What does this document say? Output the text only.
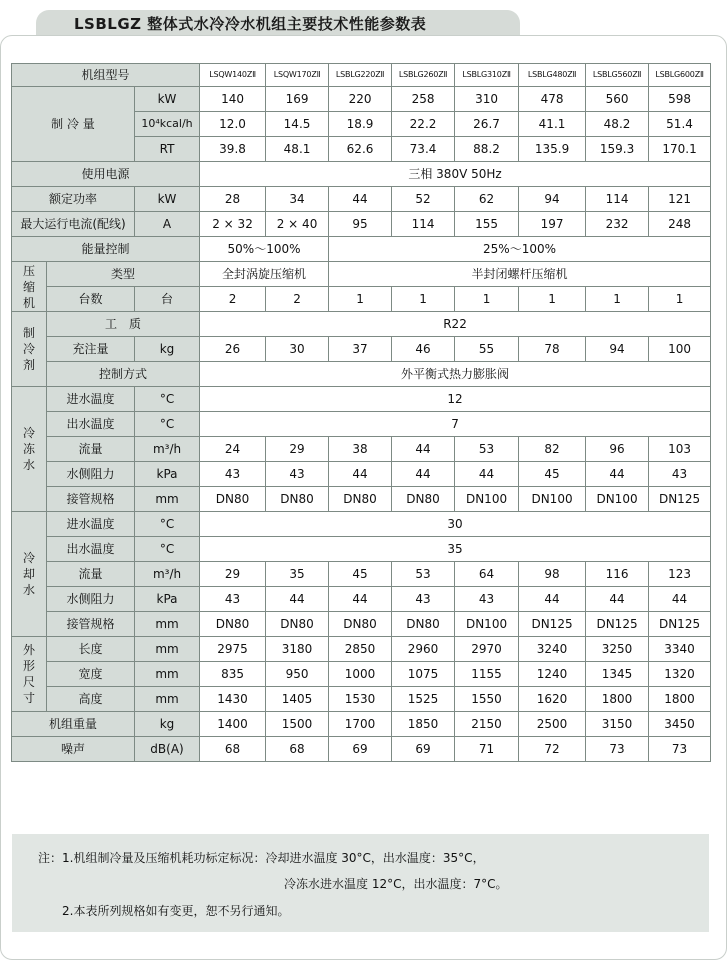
LSBLGZ 整体式水冷冷水机组主要技术性能参数表
机组型号			LSQW140ZⅡ	LSQW170ZⅡ	LSBLG220ZⅡ	LSBLG260ZⅡ	LSBLG310ZⅡ	LSBLG480ZⅡ	LSBLG560ZⅡ	LSBLG600ZⅡ
制 冷 量		kW	140	169	220	258	310	478	560	598
		10⁴kcal/h	12.0	14.5	18.9	22.2	26.7	41.1	48.2	51.4
		RT	39.8	48.1	62.6	73.4	88.2	135.9	159.3	170.1
使用电源			三相 380V 50Hz							
额定功率		kW	28	34	44	52	62	94	114	121
最大运行电流(配线)		A	2 × 32	2 × 40	95	114	155	197	232	248
能量控制			50%～100%		25%～100%					

压缩机	类型		全封涡旋压缩机		半封闭螺杆压缩机					
	台数	台	2	2	1	1	1	1	1	1

制冷剂	工　质		R22							
	充注量	kg	26	30	37	46	55	78	94	100
	控制方式		外平衡式热力膨胀阀							

冷冻水	进水温度	°C	12							
	出水温度	°C	7							
	流量	m³/h	24	29	38	44	53	82	96	103
	水侧阻力	kPa	43	43	44	44	44	45	44	43
	接管规格	mm	DN80	DN80	DN80	DN80	DN100	DN100	DN100	DN125

冷却水	进水温度	°C	30							
	出水温度	°C	35							
	流量	m³/h	29	35	45	53	64	98	116	123
	水侧阻力	kPa	43	44	44	43	43	44	44	44
	接管规格	mm	DN80	DN80	DN80	DN80	DN100	DN125	DN125	DN125

外形尺寸	长度	mm	2975	3180	2850	2960	2970	3240	3250	3340
	宽度	mm	835	950	1000	1075	1155	1240	1345	1320
	高度	mm	1430	1405	1530	1525	1550	1620	1800	1800
机组重量		kg	1400	1500	1700	1850	2150	2500	3150	3450
噪声		dB(A)	68	68	69	69	71	72	73	73
注：1.机组制冷量及压缩机耗功标定标况：冷却进水温度 30°C，出水温度：35°C，
冷冻水进水温度 12°C，出水温度：7°C。
2.本表所列规格如有变更，恕不另行通知。
